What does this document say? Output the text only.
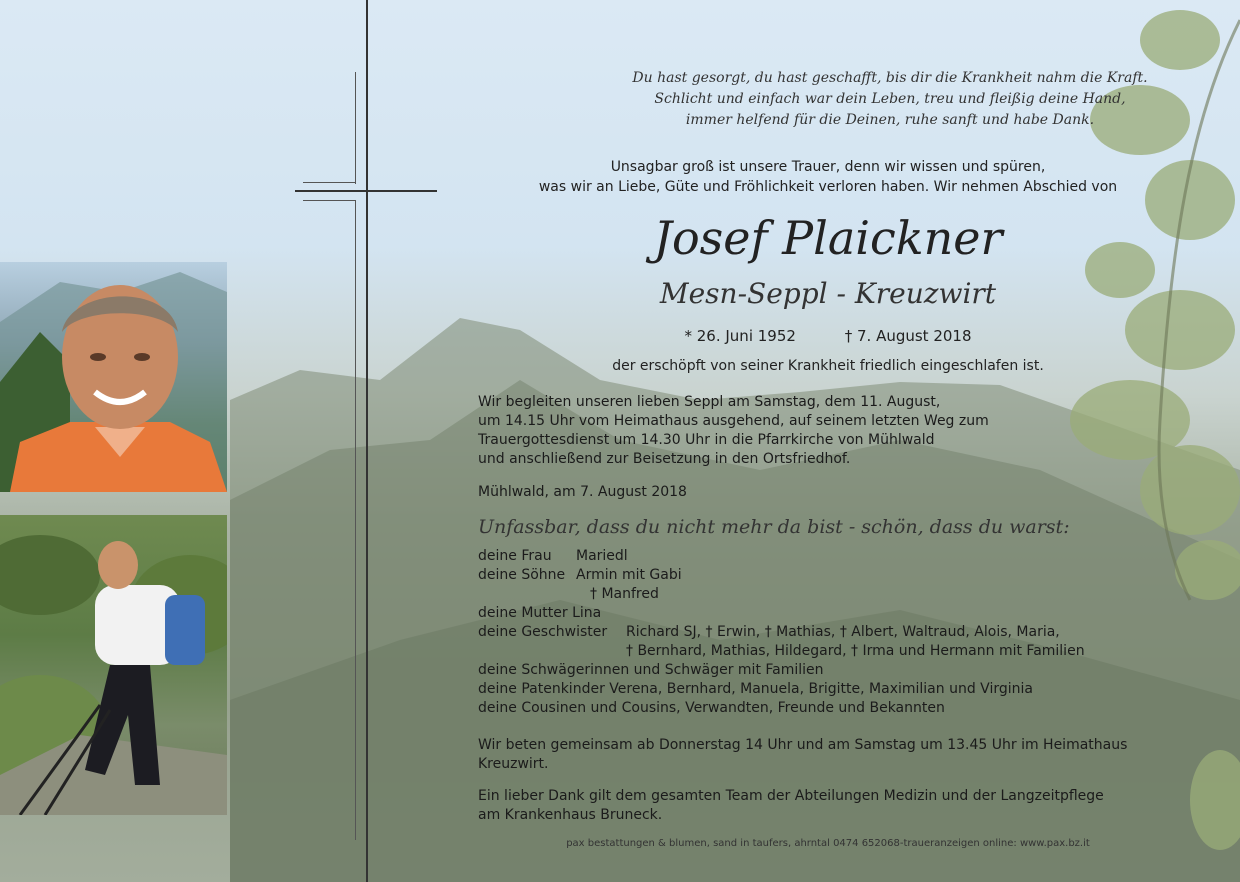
Du hast gesorgt, du hast geschafft, bis dir die Krankheit nahm die Kraft.
Schlicht und einfach war dein Leben, treu und fleißig deine Hand,
immer helfend für die Deinen, ruhe sanft und habe Dank.
Unsagbar groß ist unsere Trauer, denn wir wissen und spüren,
was wir an Liebe, Güte und Fröhlichkeit verloren haben. Wir nehmen Abschied von
Josef Plaickner
Mesn-Seppl - Kreuzwirt
* 26. Juni 1952	† 7. August 2018
der erschöpft von seiner Krankheit friedlich eingeschlafen ist.
Wir begleiten unseren lieben Seppl am Samstag, dem 11. August,
um 14.15 Uhr vom Heimathaus ausgehend, auf seinem letzten Weg zum
Trauergottesdienst um 14.30 Uhr in die Pfarrkirche von Mühlwald
und anschließend zur Beisetzung in den Ortsfriedhof.
Mühlwald, am 7. August 2018
Unfassbar, dass du nicht mehr da bist - schön, dass du warst:
deine Frau	Mariedl
deine Söhne Armin mit Gabi
† Manfred
deine Mutter Lina
deine Geschwister	Richard SJ, † Erwin, † Mathias, † Albert, Waltraud, Alois, Maria,
† Bernhard, Mathias, Hildegard, † Irma und Hermann mit Familien
deine Schwägerinnen und Schwäger mit Familien
deine Patenkinder Verena, Bernhard, Manuela, Brigitte, Maximilian und Virginia
deine Cousinen und Cousins, Verwandten, Freunde und Bekannten
Wir beten gemeinsam ab Donnerstag 14 Uhr und am Samstag um 13.45 Uhr im Heimathaus
Kreuzwirt.
Ein lieber Dank gilt dem gesamten Team der Abteilungen Medizin und der Langzeitpflege
am Krankenhaus Bruneck.
pax bestattungen & blumen, sand in taufers, ahrntal 0474 652068-traueranzeigen online: www.pax.bz.it
